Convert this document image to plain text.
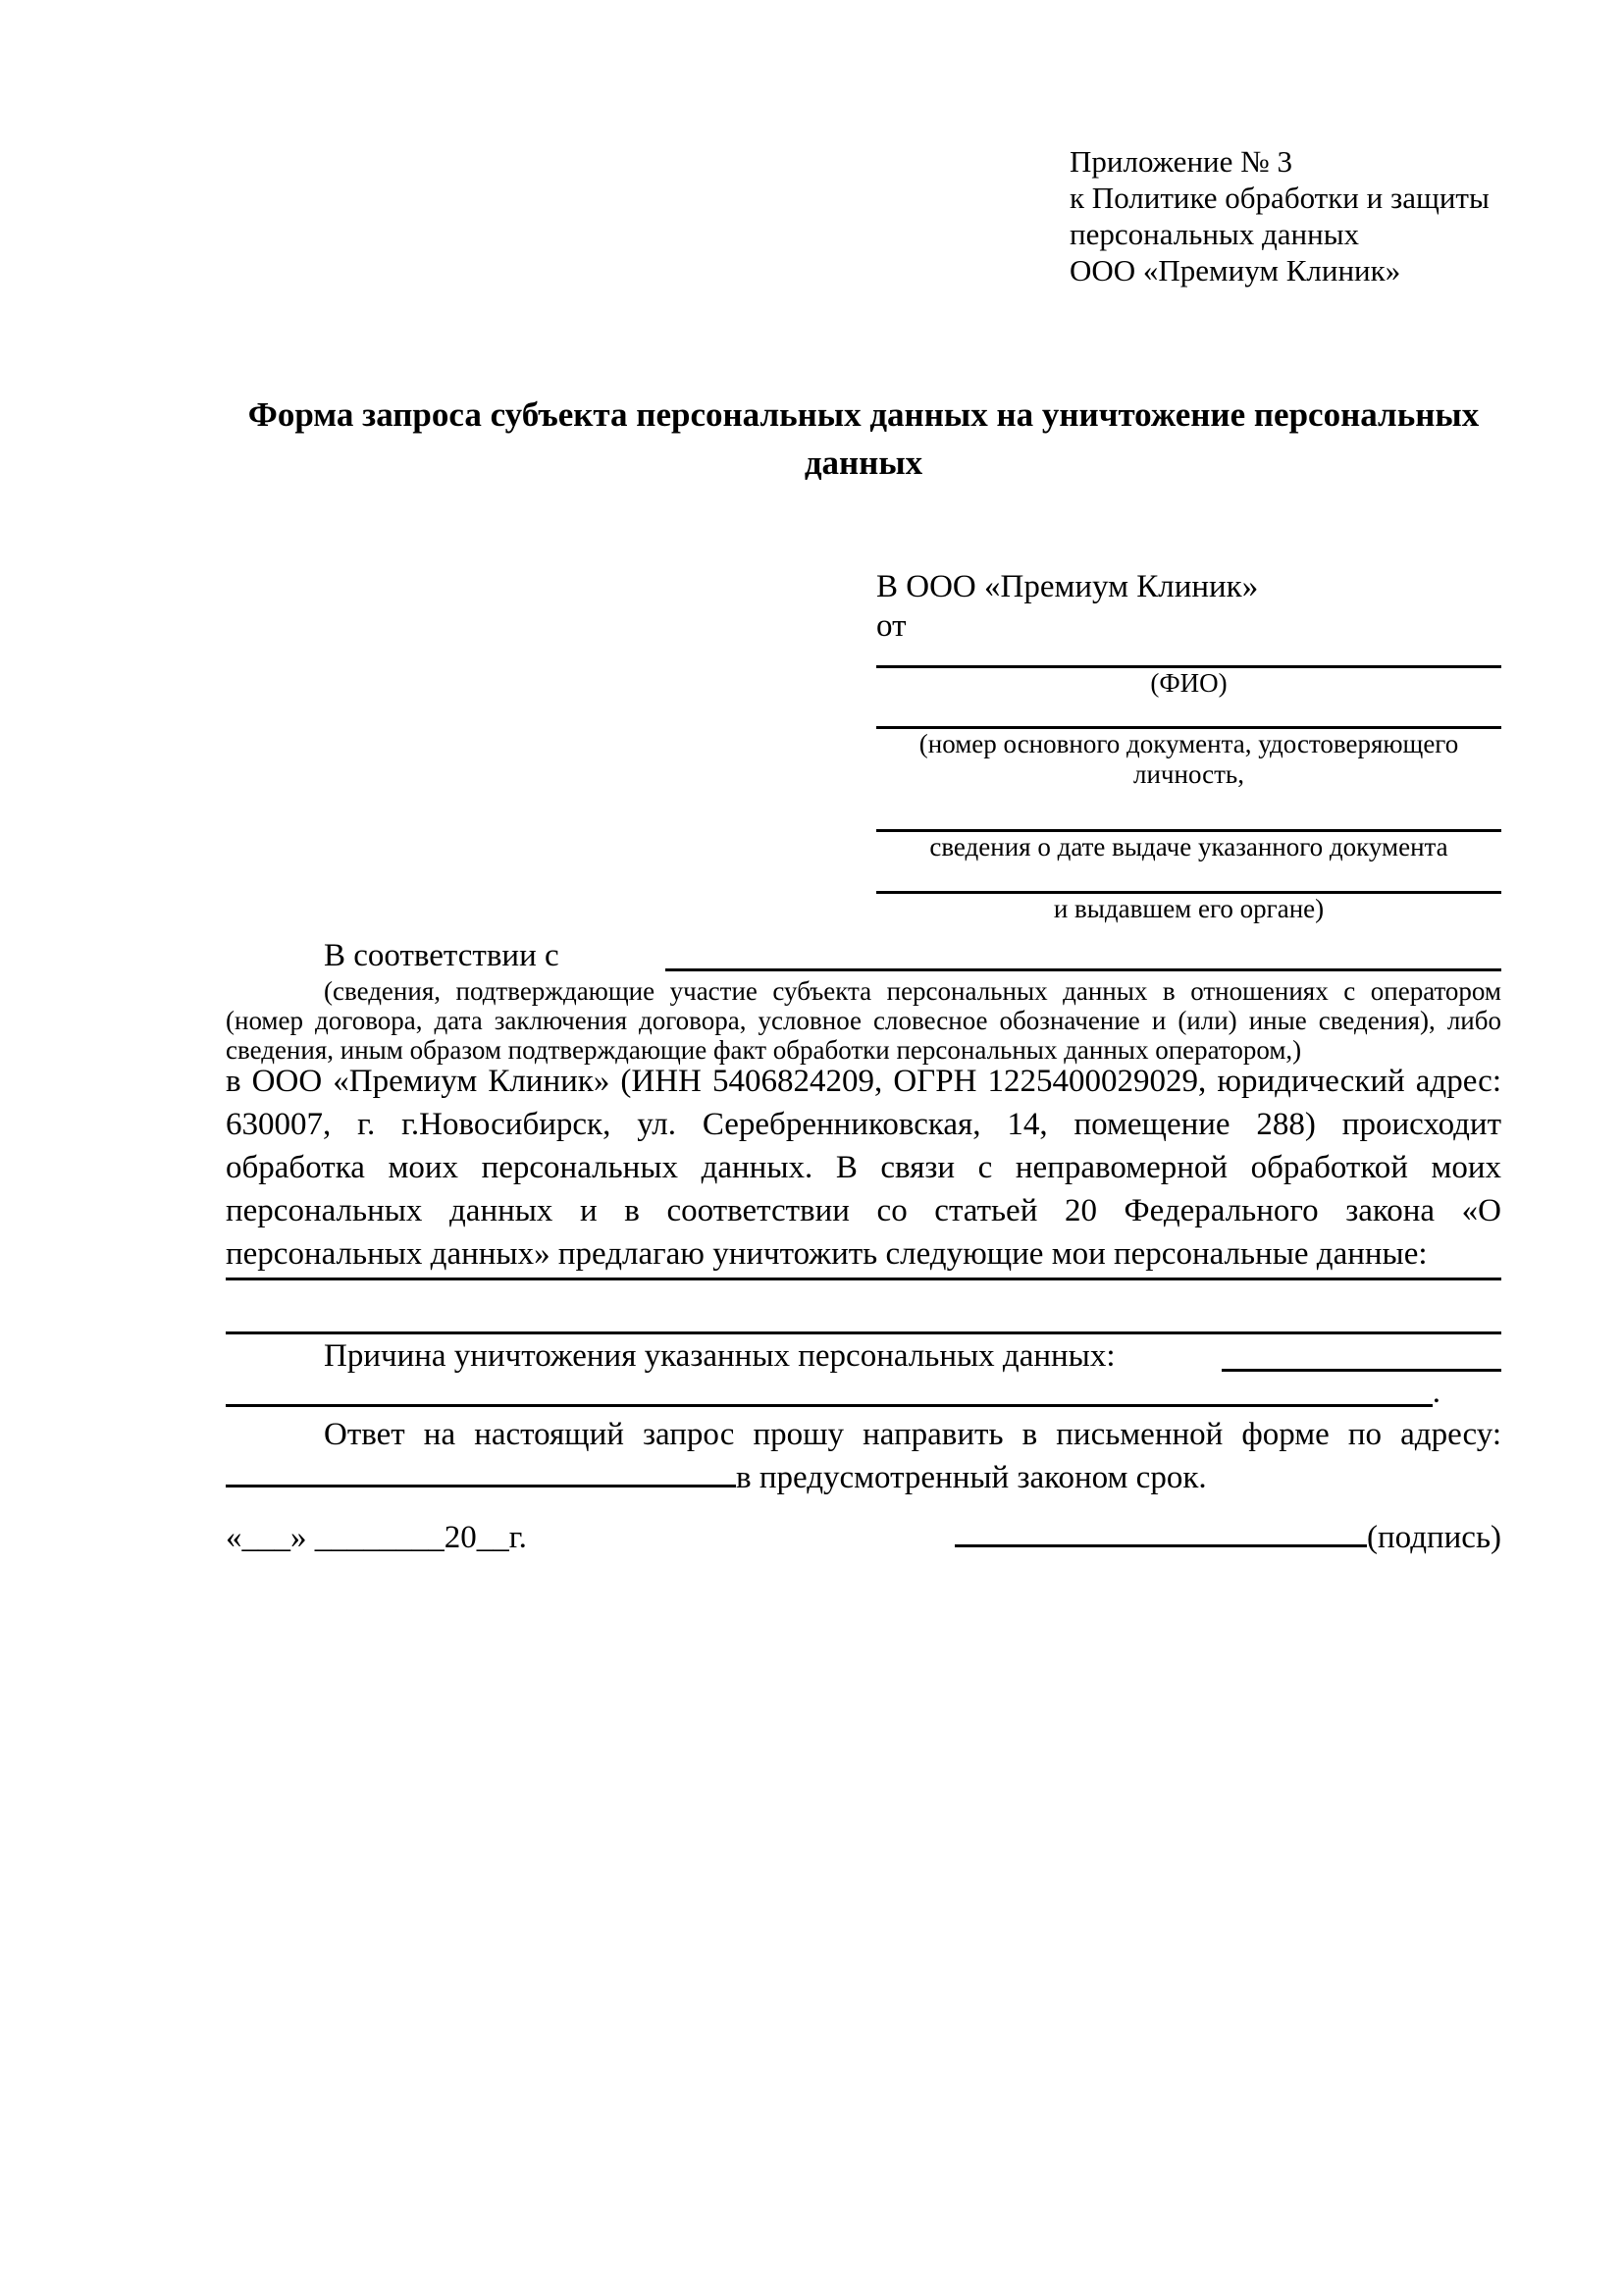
Приложение № 3
к Политике обработки и защиты
персональных данных
ООО «Премиум Клиник»
Форма запроса субъекта персональных данных на уничтожение персональных данных
В ООО «Премиум Клиник»
от
(ФИО)
(номер основного документа, удостоверяющего личность,
сведения о дате выдаче указанного документа
и выдавшем его органе)
В соответствии с

(сведения, подтверждающие участие субъекта персональных данных в отношениях с оператором (номер договора, дата заключения договора, условное словесное обозначение и (или) иные сведения), либо сведения, иным образом подтверждающие факт обработки персональных данных оператором,)
в ООО «Премиум Клиник» (ИНН 5406824209, ОГРН 1225400029029, юридический адрес: 630007, г. г.Новосибирск, ул. Серебренниковская, 14, помещение 288) происходит обработка моих персональных данных. В связи с неправомерной обработкой моих персональных данных и в соответствии со статьей 20 Федерального закона «О персональных данных» предлагаю уничтожить следующие мои персональные данные:
Причина уничтожения указанных персональных данных:

.
Ответ на настоящий запрос прошу направить в письменной форме по адресу:
в предусмотренный законом срок.
«___» ________20__г.	(подпись)
